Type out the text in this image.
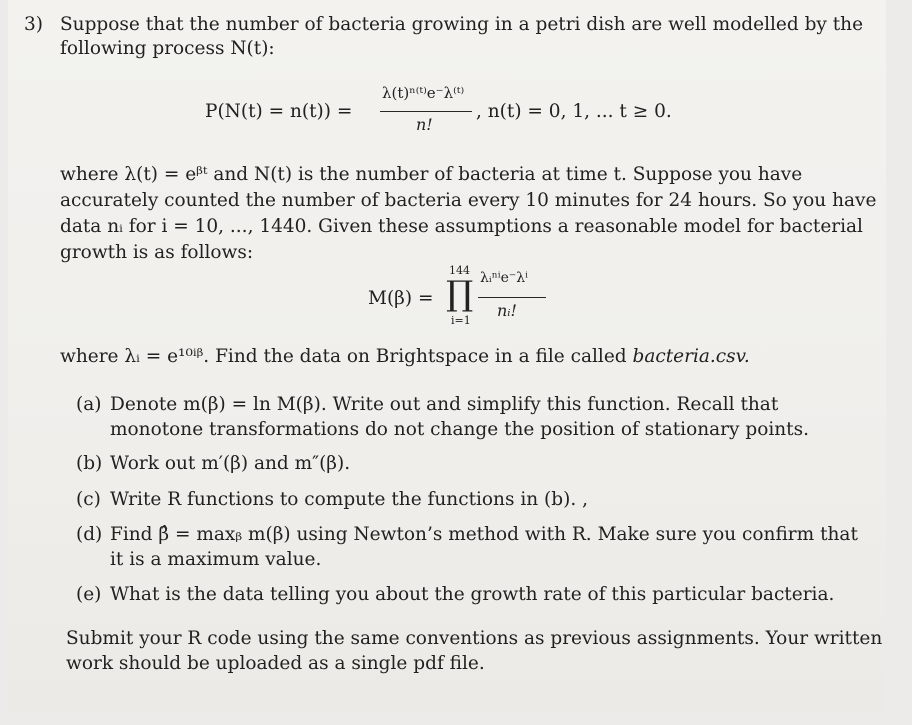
3) Suppose that the number of bacteria growing in a petri dish are well modelled by the
following process N(t):
P(N(t) = n(t)) =
λ(t)ⁿ⁽ᵗ⁾e⁻λ⁽ᵗ⁾
n!
, n(t) = 0, 1, ... t ≥ 0.
where λ(t) = eᵝᵗ and N(t) is the number of bacteria at time t. Suppose you have
accurately counted the number of bacteria every 10 minutes for 24 hours. So you have
data nᵢ for i = 10, ..., 1440. Given these assumptions a reasonable model for bacterial
growth is as follows:
M(β) =
144
∏
i=1
λᵢⁿⁱe⁻λⁱ
nᵢ!
where λᵢ = e¹⁰ⁱᵝ. Find the data on Brightspace in a file called bacteria.csv.
(a) Denote m(β) = ln M(β). Write out and simplify this function. Recall that
monotone transformations do not change the position of stationary points.
(b) Work out m′(β) and m″(β).
(c) Write R functions to compute the functions in (b). ,
(d) Find β̂ = maxᵦ m(β) using Newton’s method with R. Make sure you confirm that
it is a maximum value.
(e) What is the data telling you about the growth rate of this particular bacteria.
Submit your R code using the same conventions as previous assignments. Your written
work should be uploaded as a single pdf file.
